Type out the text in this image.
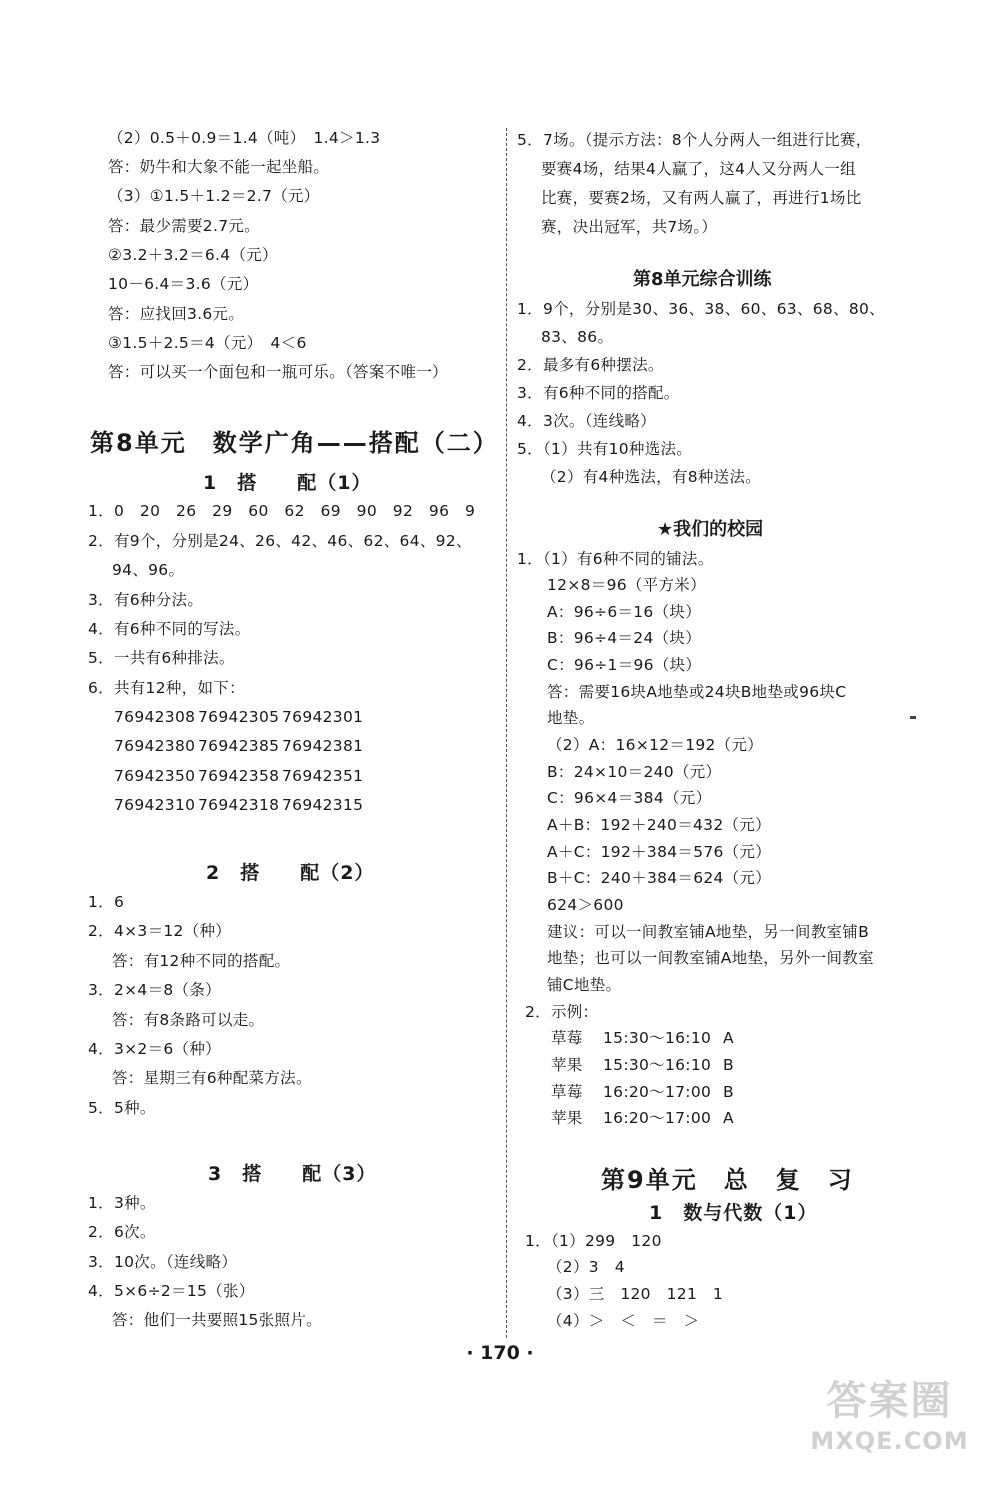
（2）0.5＋0.9＝1.4（吨）　1.4＞1.3
答：奶牛和大象不能一起坐船。
（3）①1.5＋1.2＝2.7（元）
答：最少需要2.7元。
②3.2＋3.2＝6.4（元）
10－6.4＝3.6（元）
答：应找回3.6元。
③1.5＋2.5＝4（元）　4＜6
答：可以买一个面包和一瓶可乐。（答案不唯一）
第8单元　数学广角——搭配（二）
1　搭　　配（1）
1．0　20　26　29　60　62　69　90　92　96　9
2．有9个，分别是24、26、42、46、62、64、92、
94、96。
3．有6种分法。
4．有6种不同的写法。
5．一共有6种排法。
6．共有12种，如下：
76942308 76942305 76942301
76942380 76942385 76942381
76942350 76942358 76942351
76942310 76942318 76942315
2　搭　　配（2）
1．6
2．4×3＝12（种）
答：有12种不同的搭配。
3．2×4＝8（条）
答：有8条路可以走。
4．3×2＝6（种）
答：星期三有6种配菜方法。
5．5种。
3　搭　　配（3）
1．3种。
2．6次。
3．10次。（连线略）
4．5×6÷2＝15（张）
答：他们一共要照15张照片。
5．7场。（提示方法：8个人分两人一组进行比赛，
要赛4场，结果4人赢了，这4人又分两人一组
比赛，要赛2场，又有两人赢了，再进行1场比
赛，决出冠军，共7场。）
第8单元综合训练
1．9个，分别是30、36、38、60、63、68、80、
83、86。
2．最多有6种摆法。
3．有6种不同的搭配。
4．3次。（连线略）
5．（1）共有10种选法。
（2）有4种选法，有8种送法。
★我们的校园
1．（1）有6种不同的铺法。
12×8＝96（平方米）
A：96÷6＝16（块）
B：96÷4＝24（块）
C：96÷1＝96（块）
答：需要16块A地垫或24块B地垫或96块C
地垫。
（2）A：16×12＝192（元）
B：24×10＝240（元）
C：96×4＝384（元）
A＋B：192＋240＝432（元）
A＋C：192＋384＝576（元）
B＋C：240＋384＝624（元）
624＞600
建议：可以一间教室铺A地垫，另一间教室铺B
地垫；也可以一间教室铺A地垫，另外一间教室
铺C地垫。
2．示例：
草莓 15:30～16:10 A
苹果 15:30～16:10 B
草莓 16:20～17:00 B
苹果 16:20～17:00 A
第9单元　总　复　习
1　数与代数（1）
1．（1）299　120
（2）3　4
（3）三　120　121　1
（4）＞　＜　＝　＞
· 170 ·
答案圈
MXQE.COM
